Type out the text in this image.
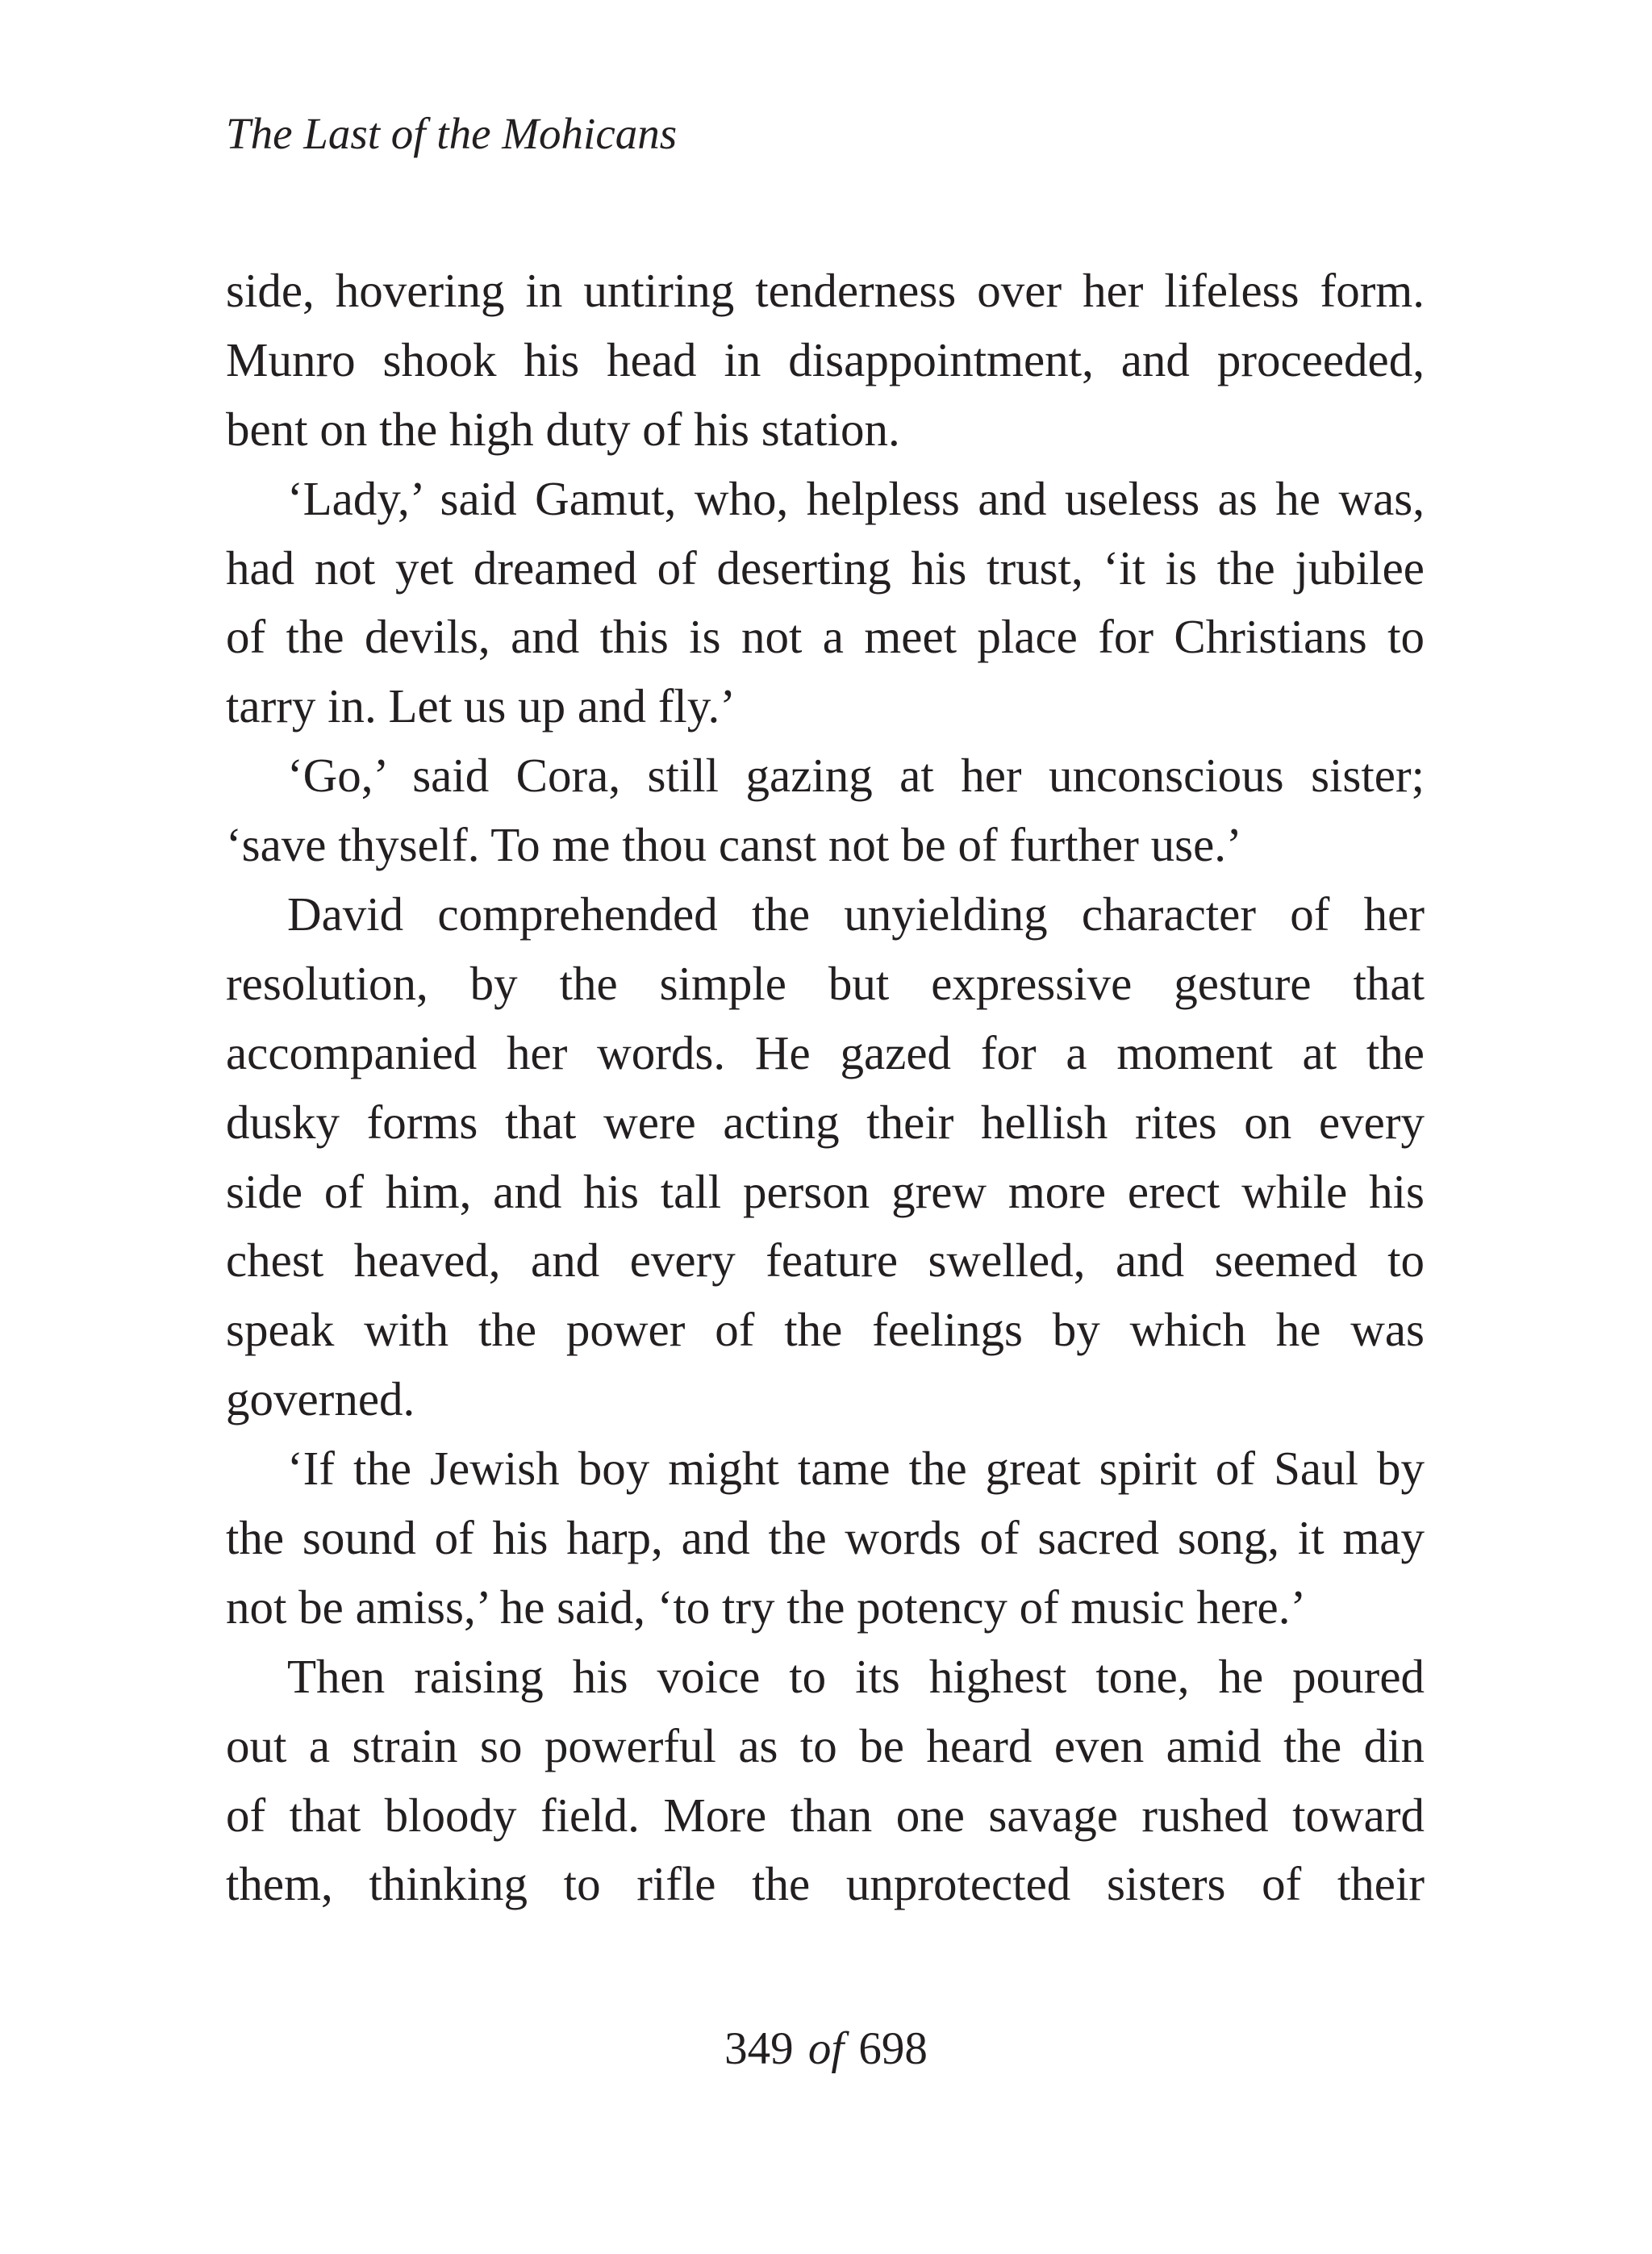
The Last of the Mohicans

side, hovering in untiring tenderness over her lifeless form.
Munro shook his head in disappointment, and proceeded,
bent on the high duty of his station.

‘Lady,’ said Gamut, who, helpless and useless as he was,
had not yet dreamed of deserting his trust, ‘it is the jubilee
of the devils, and this is not a meet place for Christians to
tarry in. Let us up and fly.’

‘Go,’ said Cora, still gazing at her unconscious sister;
‘save thyself. To me thou canst not be of further use.’

David comprehended the unyielding character of her
resolution, by the simple but expressive gesture that
accompanied her words. He gazed for a moment at the
dusky forms that were acting their hellish rites on every
side of him, and his tall person grew more erect while his
chest heaved, and every feature swelled, and seemed to
speak with the power of the feelings by which he was
governed.

‘If the Jewish boy might tame the great spirit of Saul by
the sound of his harp, and the words of sacred song, it may
not be amiss,’ he said, ‘to try the potency of music here.’

Then raising his voice to its highest tone, he poured
out a strain so powerful as to be heard even amid the din
of that bloody field. More than one savage rushed toward
them, thinking to rifle the unprotected sisters of their

349 of 698
